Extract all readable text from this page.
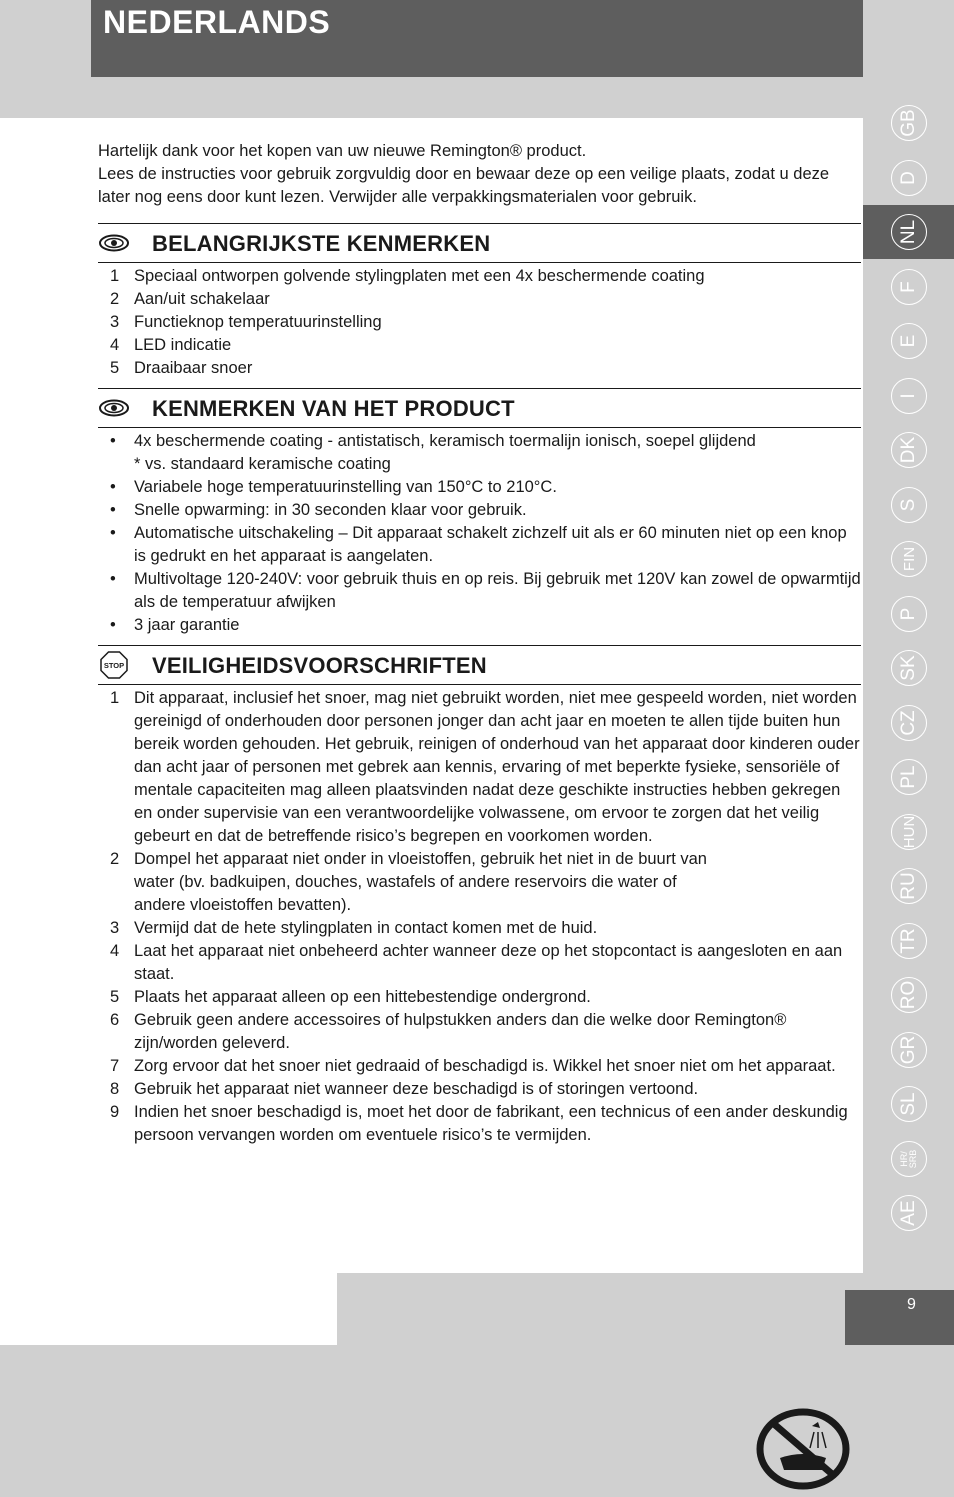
NEDERLANDS

Hartelijk dank voor het kopen van uw nieuwe Remington® product.

Lees de instructies voor gebruik zorgvuldig door en bewaar deze op een veilige plaats, zodat u deze later nog eens door kunt lezen. Verwijder alle verpakkingsmaterialen voor gebruik.

BELANGRIJKSTE KENMERKEN
1 Speciaal ontworpen golvende stylingplaten met een 4x beschermende coating
2 Aan/uit schakelaar
3 Functieknop temperatuurinstelling
4 LED indicatie
5 Draaibaar snoer
KENMERKEN VAN HET PRODUCT
•	4x beschermende coating - antistatisch, keramisch toermalijn ionisch, soepel glijdend
* vs. standaard keramische coating
•	Variabele hoge temperatuurinstelling van 150°C to 210°C.
•	Snelle opwarming: in 30 seconden klaar voor gebruik.
•	Automatische uitschakeling – Dit apparaat schakelt zichzelf uit als er 60 minuten niet op een knop is gedrukt en het apparaat is aangelaten.
•	Multivoltage 120-240V: voor gebruik thuis en op reis. Bij gebruik met 120V kan zowel de opwarmtijd als de temperatuur afwijken
•	3 jaar garantie
STOP VEILIGHEIDSVOORSCHRIFTEN
1 Dit apparaat, inclusief het snoer, mag niet gebruikt worden, niet mee gespeeld worden, niet worden gereinigd of onderhouden door personen jonger dan acht jaar en moeten te allen tijde buiten hun bereik worden gehouden. Het gebruik, reinigen of onderhoud van het apparaat door kinderen ouder dan acht jaar of personen met gebrek aan kennis, ervaring of met beperkte fysieke, sensoriële of mentale capaciteiten mag alleen plaatsvinden nadat deze geschikte instructies hebben gekregen en onder supervisie van een verantwoordelijke volwassene, om ervoor te zorgen dat het veilig gebeurt en dat de betreffende risico’s begrepen en voorkomen worden.
2 Dompel het apparaat niet onder in vloeistoffen, gebruik het niet in de buurt van water (bv. badkuipen, douches, wastafels of andere reservoirs die water of andere vloeistoffen bevatten).
3 Vermijd dat de hete stylingplaten in contact komen met de huid.
4 Laat het apparaat niet onbeheerd achter wanneer deze op het stopcontact is aangesloten en aan staat.
5 Plaats het apparaat alleen op een hittebestendige ondergrond.
6 Gebruik geen andere accessoires of hulpstukken anders dan die welke door Remington® zijn/worden geleverd.
7 Zorg ervoor dat het snoer niet gedraaid of beschadigd is. Wikkel het snoer niet om het apparaat.
8 Gebruik het apparaat niet wanneer deze beschadigd is of storingen vertoond.
9 Indien het snoer beschadigd is, moet het door de fabrikant, een technicus of een ander deskundig persoon vervangen worden om eventuele risico’s te vermijden.
GB
D
NL
F
E
I
DK
S
FIN
P
SK
CZ
PL
HUN
RU
TR
RO
GR
SL
HR/ SRB
AE
9
